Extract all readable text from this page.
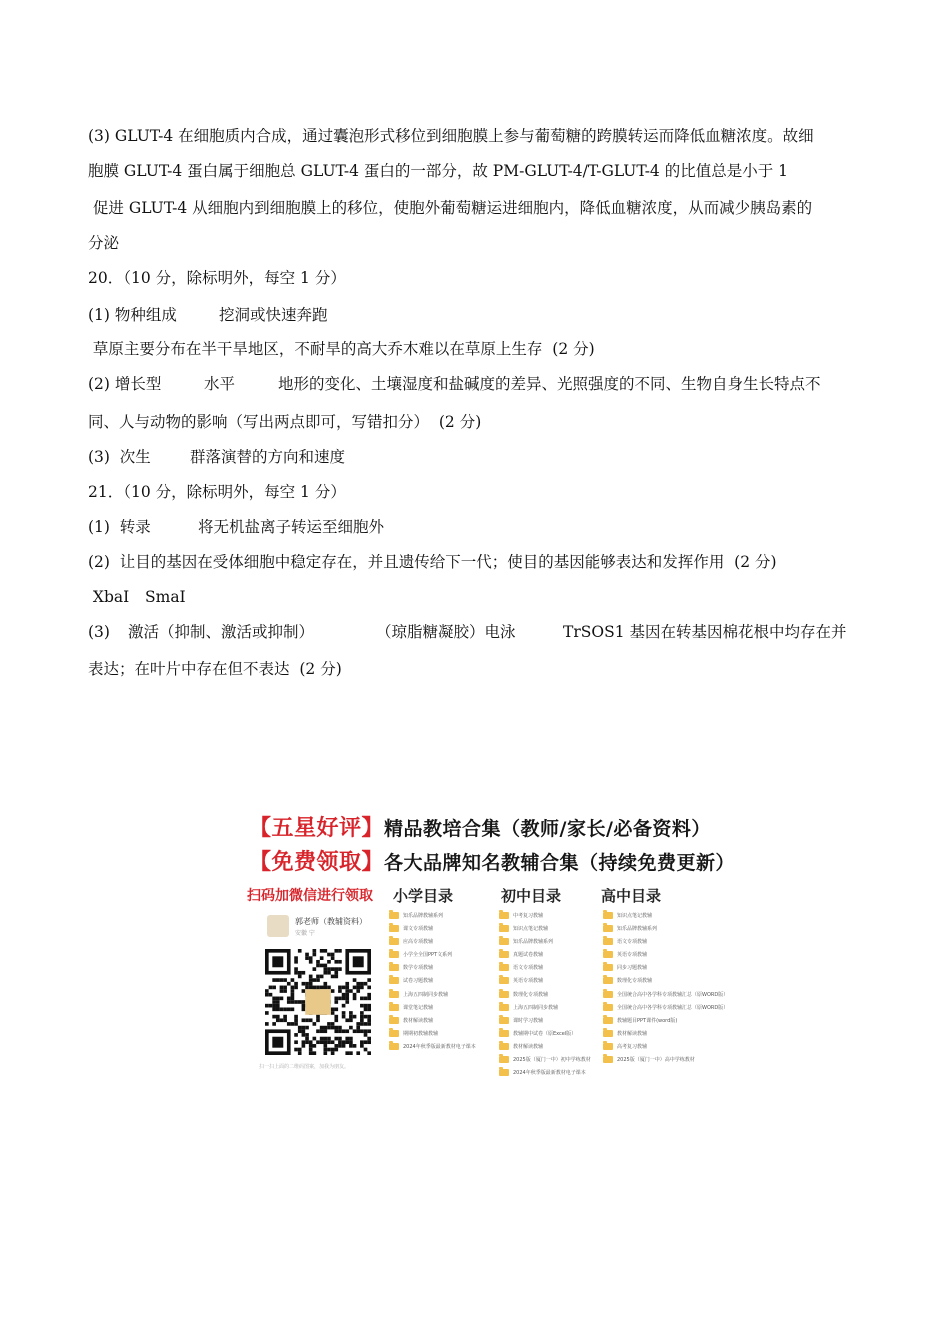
(3) GLUT-4 在细胞质内合成，通过囊泡形式移位到细胞膜上参与葡萄糖的跨膜转运而降低血糖浓度。故细
胞膜 GLUT-4 蛋白属于细胞总 GLUT-4 蛋白的一部分，故 PM-GLUT-4/T-GLUT-4 的比值总是小于 1
促进 GLUT-4 从细胞内到细胞膜上的移位，使胞外葡萄糖运进细胞内，降低血糖浓度，从而减少胰岛素的
分泌
20．（10 分，除标明外，每空 1 分）
(1) 物种组成	挖洞或快速奔跑
草原主要分布在半干旱地区，不耐旱的高大乔木难以在草原上生存  (2 分)
(2) 增长型	水平	地形的变化、土壤湿度和盐碱度的差异、光照强度的不同、生物自身生长特点不
同、人与动物的影响（写出两点即可，写错扣分）  (2 分)
(3)  次生	群落演替的方向和速度
21．（10 分，除标明外，每空 1 分）
(1)  转录	将无机盐离子转运至细胞外
(2)  让目的基因在受体细胞中稳定存在，并且遗传给下一代；使目的基因能够表达和发挥作用  (2 分)
XbaI SmaI
(3) 激活（抑制、激活或抑制）	（琼脂糖凝胶）电泳	TrSOS1 基因在转基因棉花根中均存在并
表达；在叶片中存在但不表达  (2 分)
【五星好评】精品教培合集（教师/家长/必备资料）
【免费领取】各大品牌知名教辅合集（持续免费更新）
扫码加微信进行领取 小学目录	初中目录	高中目录
郭老师（教辅资料）
安徽 宁
扫一扫上面的二维码图案，加我为朋友。
知乐品牌教辅系列
课文专项教辅
应高专项教辅
小学全全国PPT文系列
数学专项教辅
试卷习题教辅
上海五四制同步教辅
课堂笔记教辅
教材解读教辅
期期初教辅教辅
2024年秋季版最新教材电子课本
中考复习教辅
知识点笔记教辅
知乐品牌教辅系列
真题试卷教辅
语文专项教辅
英语专项教辅
数理化专项教辅
上海五四制同步教辅
课时学习教辅
教辅期中试卷（原Excel版）
教材解读教辅
2025版（厦门一中）初中学练教材
2024年秋季版最新教材电子课本
知识点笔记教辅
知乐品牌教辅系列
语文专项教辅
英语专项教辅
同步习题教辅
数理化专项教辅
全国统合高中各学科专项教辅汇总（原WORD版）
全国统合高中各学科专项教辅汇总（原WORD版）
教辅题目PPT课件(word版)
教材解读教辅
高考复习教辅
2025版（厦门一中）高中学练教材
